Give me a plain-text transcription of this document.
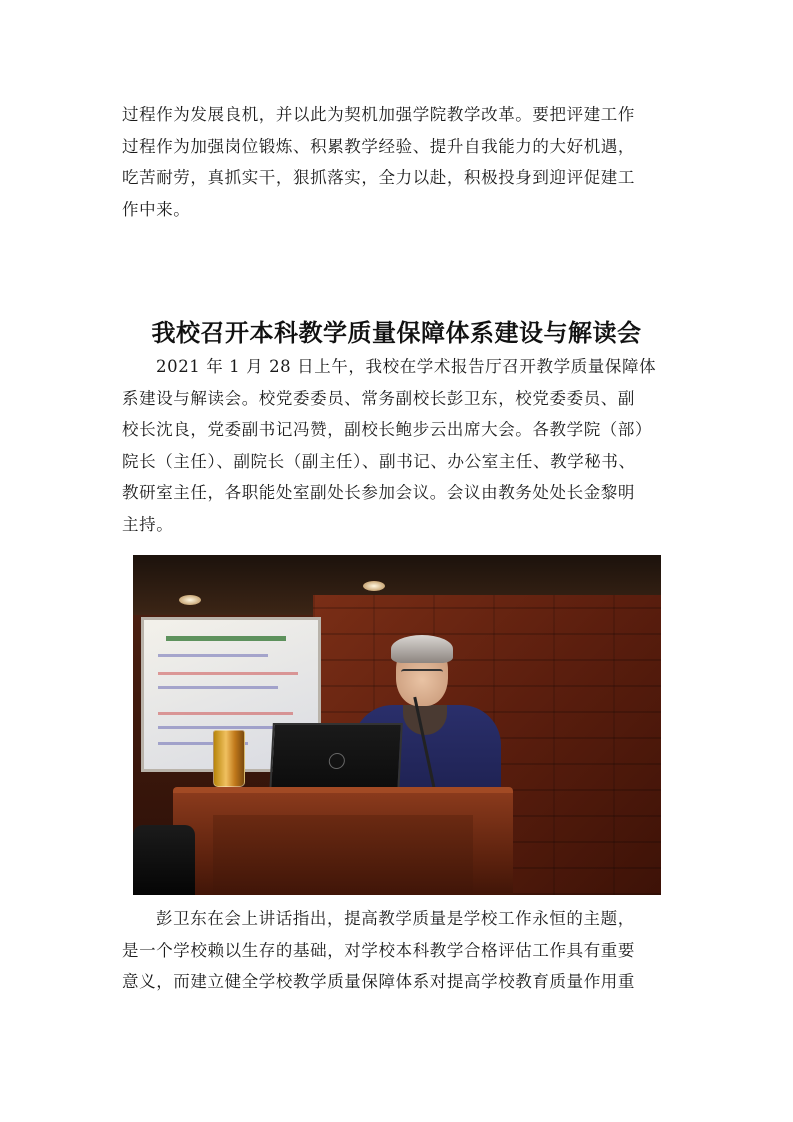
过程作为发展良机，并以此为契机加强学院教学改革。要把评建工作
过程作为加强岗位锻炼、积累教学经验、提升自我能力的大好机遇，
吃苦耐劳，真抓实干，狠抓落实，全力以赴，积极投身到迎评促建工
作中来。
我校召开本科教学质量保障体系建设与解读会
2021 年 1 月 28 日上午，我校在学术报告厅召开教学质量保障体
系建设与解读会。校党委委员、常务副校长彭卫东，校党委委员、副
校长沈良，党委副书记冯赞，副校长鲍步云出席大会。各教学院（部）
院长（主任）、副院长（副主任）、副书记、办公室主任、教学秘书、
教研室主任，各职能处室副处长参加会议。会议由教务处处长金黎明
主持。
彭卫东在会上讲话指出，提高教学质量是学校工作永恒的主题，
是一个学校赖以生存的基础，对学校本科教学合格评估工作具有重要
意义，而建立健全学校教学质量保障体系对提高学校教育质量作用重
